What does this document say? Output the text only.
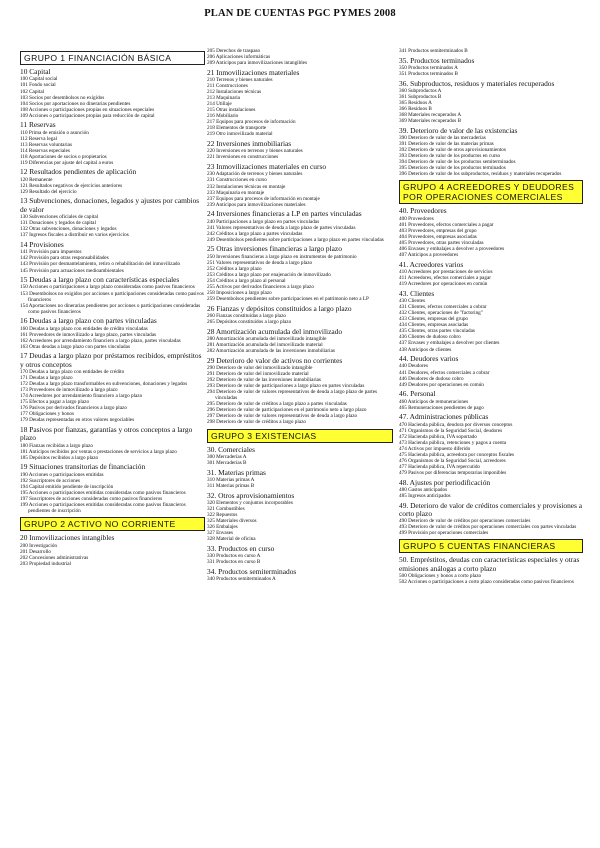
PLAN DE CUENTAS PGC PYMES 2008
GRUPO 1 FINANCIACIÓN BÁSICA
10 Capital
100 Capital social
101 Fondo social
102 Capital
103 Socios por desembolsos no exigidos
104 Socios por aportaciones no dinerarias pendientes
108 Acciones o participaciones propias en situaciones especiales
109 Acciones o participaciones propias para reducción de capital
11 Reservas
110 Prima de emisión o asunción
112 Reserva legal
113 Reservas voluntarias
114 Reservas especiales
118 Aportaciones de socios o propietarios
119 Diferencias por ajuste del capital a euros
12 Resultados pendientes de aplicación
120 Remanente
121 Resultados negativos de ejercicios anteriores
129 Resultado del ejercicio
13 Subvenciones, donaciones, legados y ajustes por cambios de valor
130 Subvenciones oficiales de capital
131 Donaciones y legados de capital
132 Otras subvenciones, donaciones y legados
137 Ingresos fiscales a distribuir en varios ejercicios
14 Provisiones
141 Provisión para impuestos
142 Provisión para otras responsabilidades
143 Provisión por desmantelamiento, retiro o rehabilitación del inmovilizado
145 Provisión para actuaciones medioambientales
15 Deudas a largo plazo con características especiales
150 Acciones o participaciones a largo plazo consideradas como pasivos financieros
153 Desembolsos no exigidos por acciones o participaciones consideradas como pasivos financieros
154 Aportaciones no dinerarias pendientes por acciones o participaciones consideradas como pasivos financieros
16 Deudas a largo plazo con partes vinculadas
160 Deudas a largo plazo con entidades de crédito vinculadas
161 Proveedores de inmovilizado a largo plazo, partes vinculadas
162 Acreedores por arrendamiento financiero a largo plazo, partes vinculadas
163 Otras deudas a largo plazo con partes vinculadas
17 Deudas a largo plazo por préstamos recibidos, empréstitos y otros conceptos
170 Deudas a largo plazo con entidades de crédito
171 Deudas a largo plazo
172 Deudas a largo plazo transformables en subvenciones, donaciones y legados
173 Proveedores de inmovilizado a largo plazo
174 Acreedores por arrendamiento financiero a largo plazo
175 Efectos a pagar a largo plazo
176 Pasivos por derivados financieros a largo plazo
177 Obligaciones y bonos
179 Deudas representadas en otros valores negociables
18 Pasivos por fianzas, garantías y otros conceptos a largo plazo
180 Fianzas recibidas a largo plazo
181 Anticipos recibidos por ventas o prestaciones de servicios a largo plazo
185 Depósitos recibidos a largo plazo
19 Situaciones transitorias de financiación
190 Acciones o participaciones emitidas
192 Suscriptores de acciones
194 Capital emitido pendiente de inscripción
195 Acciones o participaciones emitidas consideradas como pasivos financieros
197 Suscriptores de acciones consideradas como pasivos financieros
199 Acciones o participaciones emitidas consideradas como pasivos financieros pendientes de inscripción
GRUPO 2 ACTIVO NO CORRIENTE
20 Inmovilizaciones intangibles
200 Investigación
201 Desarrollo
202 Concesiones administrativas
203 Propiedad industrial
205 Derechos de traspaso
206 Aplicaciones informáticas
209 Anticipos para inmovilizaciones intangibles
21 Inmovilizaciones materiales
210 Terrenos y bienes naturales
211 Construcciones
212 Instalaciones técnicas
213 Maquinaria
214 Utillaje
215 Otras instalaciones
216 Mobiliario
217 Equipos para procesos de información
218 Elementos de transporte
219 Otro inmovilizado material
22 Inversiones inmobiliarias
220 Inversiones en terrenos y bienes naturales
221 Inversiones en construcciones
23 Inmovilizaciones materiales en curso
230 Adaptación de terrenos y bienes naturales
231 Construcciones en curso
232 Instalaciones técnicas en montaje
233 Maquinaria en montaje
237 Equipos para procesos de información en montaje
239 Anticipos para inmovilizaciones materiales
24 Inversiones financieras a LP en partes vinculadas
240 Participaciones a largo plazo en partes vinculadas
241 Valores representativos de deuda a largo plazo de partes vinculadas
242 Créditos a largo plazo a partes vinculadas
249 Desembolsos pendientes sobre participaciones a largo plazo en partes vinculadas
25 Otras inversiones financieras a largo plazo
250 Inversiones financieras a largo plazo en instrumentos de patrimonio
251 Valores representativos de deuda a largo plazo
252 Créditos a largo plazo
253 Créditos a largo plazo por enajenación de inmovilizado
254 Créditos a largo plazo al personal
255 Activos por derivados financieros a largo plazo
258 Imposiciones a largo plazo
259 Desembolsos pendientes sobre participaciones en el patrimonio neto a LP
26 Fianzas y depósitos constituidos a largo plazo
260 Fianzas constituidas a largo plazo
265 Depósitos constituidos a largo plazo
28 Amortización acumulada del inmovilizado
280 Amortización acumulada del inmovilizado intangible
281 Amortización acumulada del inmovilizado material
282 Amortización acumulada de las inversiones inmobiliarias
29 Deterioro de valor de activos no corrientes
290 Deterioro de valor del inmovilizado intangible
291 Deterioro de valor del inmovilizado material
292 Deterioro de valor de las inversiones inmobiliarias
293 Deterioro de valor de participaciones a largo plazo en partes vinculadas
294 Deterioro de valor de valores representativos de deuda a largo plazo de partes vinculadas
295 Deterioro de valor de créditos a largo plazo a partes vinculadas
296 Deterioro de valor de participaciones en el patrimonio neto a largo plazo
297 Deterioro de valor de valores representativos de deuda a largo plazo
298 Deterioro de valor de créditos a largo plazo
GRUPO 3 EXISTENCIAS
30. Comerciales
300 Mercaderías A
301 Mercaderías B
31. Materias primas
310 Materias primas A
311 Materias primas B
32. Otros aprovisionamientos
320 Elementos y conjuntos incorporables
321 Combustibles
322 Repuestos
325 Materiales diversos
326 Embalajes
327 Envases
328 Material de oficina
33. Productos en curso
330 Productos en curso A
331 Productos en curso B
34. Productos semiterminados
340 Productos semiterminados A
341 Productos semiterminados B
35. Productos terminados
350 Productos terminados A
351 Productos terminados B
36. Subproductos, residuos y materiales recuperados
360 Subproductos A
361 Subproductos B
365 Residuos A
366 Residuos B
368 Materiales recuperados A
369 Materiales recuperados B
39. Deterioro de valor de las existencias
390 Deterioro de valor de las mercaderías
391 Deterioro de valor de las materias primas
392 Deterioro de valor de otros aprovisionamientos
393 Deterioro de valor de los productos en curso
394 Deterioro de valor de los productos semiterminados
395 Deterioro de valor de los productos terminados
396 Deterioro de valor de los subproductos, residuos y materiales recuperados
GRUPO 4 ACREEDORES Y DEUDORES POR OPERACIONES COMERCIALES
40. Proveedores
400 Proveedores
401 Proveedores, efectos comerciales a pagar
403 Proveedores, empresas del grupo
404 Proveedores, empresas asociadas
405 Proveedores, otras partes vinculadas
406 Envases y embalajes a devolver a proveedores
407 Anticipos a proveedores
41. Acreedores varios
410 Acreedores por prestaciones de servicios
411 Acreedores, efectos comerciales a pagar
419 Acreedores por operaciones en común
43. Clientes
430 Clientes
431 Clientes, efectos comerciales a cobrar
432 Clientes, operaciones de "factoring"
433 Clientes, empresas del grupo
434 Clientes, empresas asociadas
435 Clientes, otras partes vinculadas
436 Clientes de dudoso cobro
437 Envases y embalajes a devolver por clientes
438 Anticipos de clientes
44. Deudores varios
440 Deudores
441 Deudores, efectos comerciales a cobrar
446 Deudores de dudoso cobro
449 Deudores por operaciones en común
46. Personal
460 Anticipos de remuneraciones
465 Remuneraciones pendientes de pago
47. Administraciones públicas
470 Hacienda pública, deudora por diversos conceptos
471 Organismos de la Seguridad Social, deudores
472 Hacienda pública, IVA soportado
473 Hacienda pública, retenciones y pagos a cuenta
474 Activos por impuesto diferido
475 Hacienda pública, acreedora por conceptos fiscales
476 Organismos de la Seguridad Social, acreedores
477 Hacienda pública, IVA repercutido
479 Pasivos por diferencias temporarias imponibles
48. Ajustes por periodificación
480 Gastos anticipados
485 Ingresos anticipados
49. Deterioro de valor de créditos comerciales y provisiones a corto plazo
490 Deterioro de valor de créditos por operaciones comerciales
493 Deterioro de valor de créditos por operaciones comerciales con partes vinculadas
499 Provisión por operaciones comerciales
GRUPO 5 CUENTAS FINANCIERAS
50. Empréstitos, deudas con características especiales y otras emisiones análogas a corto plazo
500 Obligaciones y bonos a corto plazo
502 Acciones o participaciones a corto plazo consideradas como pasivos financieros
